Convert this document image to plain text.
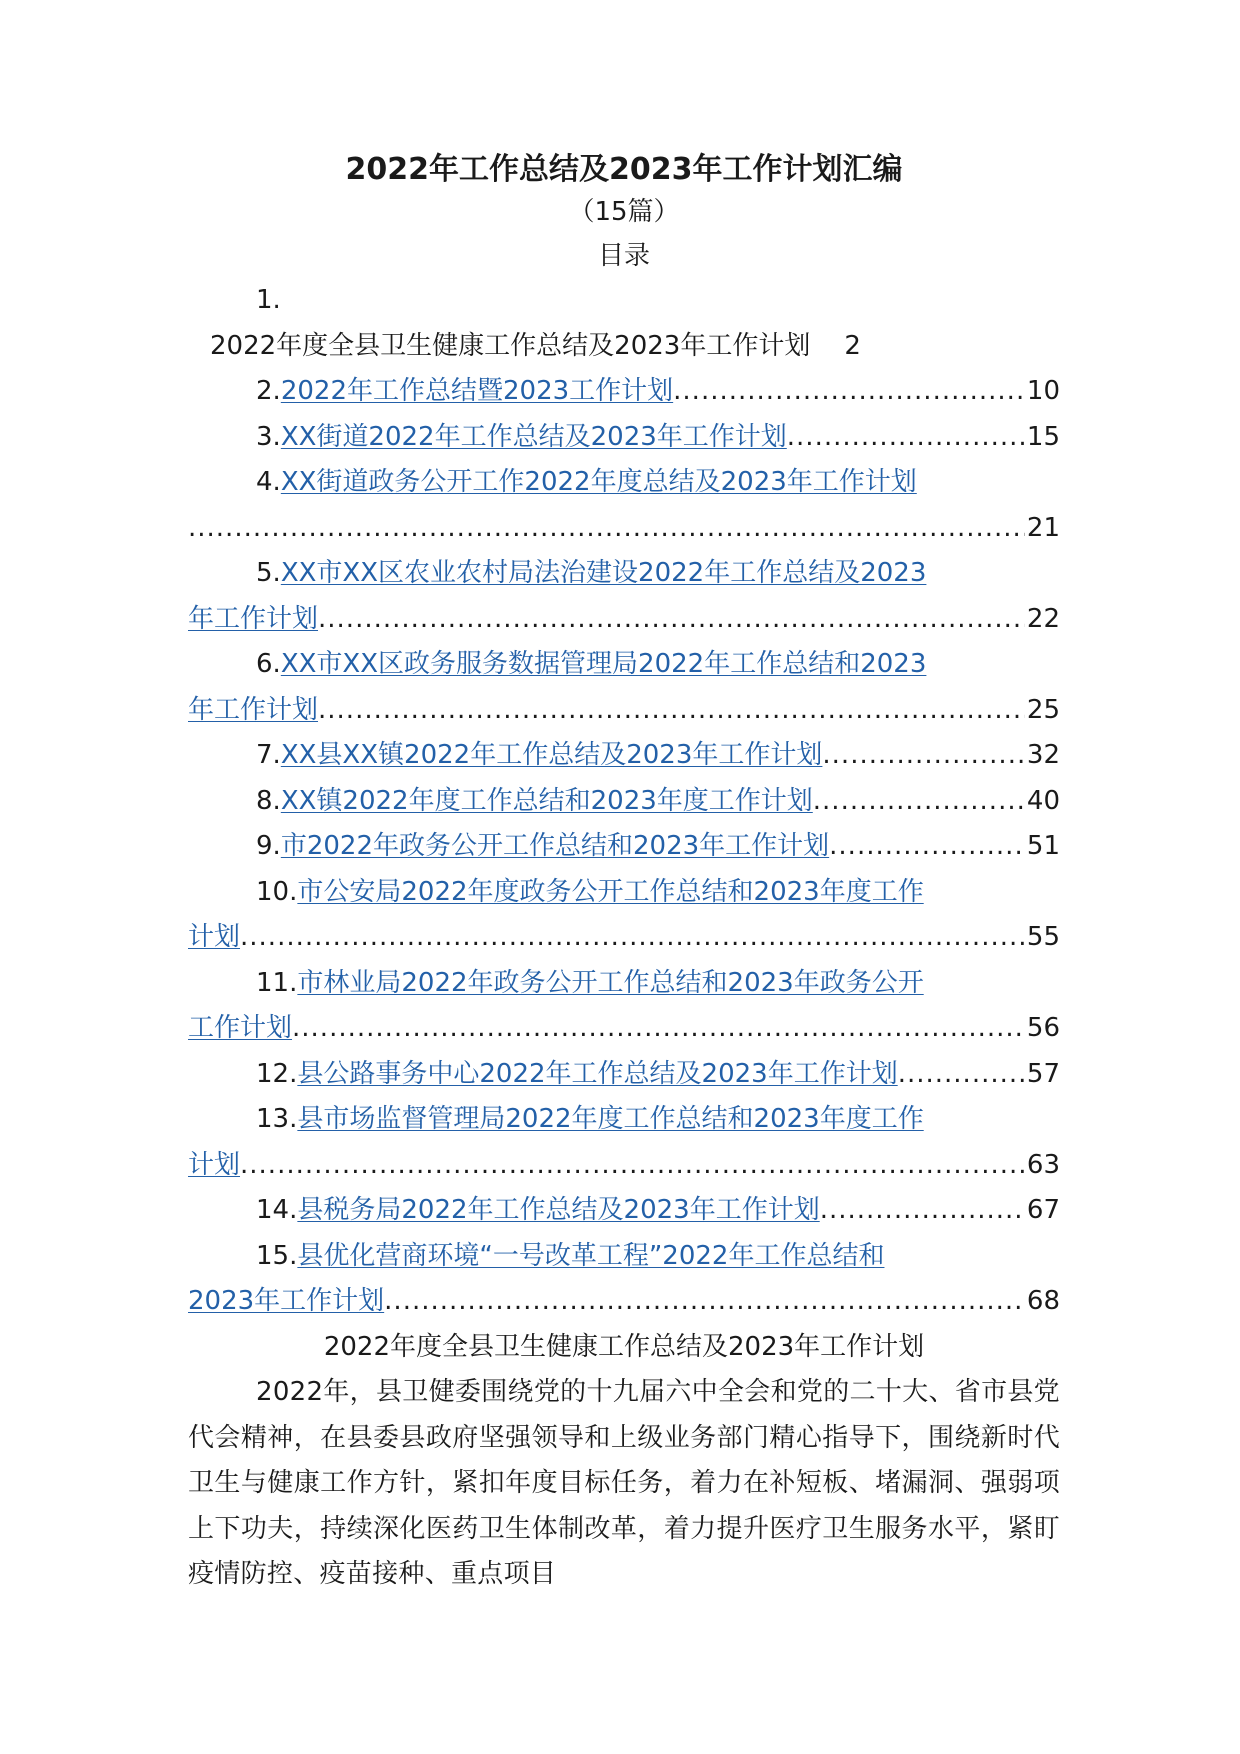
2022年工作总结及2023年工作计划汇编
（15篇）
目录
1.
2022年度全县卫生健康工作总结及2023年工作计划 2
2. 2022年工作总结暨2023工作计划 .....	10
3. XX街道2022年工作总结及2023年工作计划 .....	15
4.XX街道政务公开工作2022年度总结及2023年工作计划
.....
21
5.XX市XX区农业农村局法治建设2022年工作总结及2023
年工作计划 .....	22
6.XX市XX区政务服务数据管理局2022年工作总结和2023
年工作计划 .....	25
7. XX县XX镇2022年工作总结及2023年工作计划 .....	32
8. XX镇2022年度工作总结和2023年度工作计划 .....	40
9. 市2022年政务公开工作总结和2023年工作计划 .....	51
10.市公安局2022年度政务公开工作总结和2023年度工作
计划 .....	55
11.市林业局2022年政务公开工作总结和2023年政务公开
工作计划 .....	56
12. 县公路事务中心2022年工作总结及2023年工作计划 .....	57
13.县市场监督管理局2022年度工作总结和2023年度工作
计划 .....	63
14. 县税务局2022年工作总结及2023年工作计划 .....	67
15.县优化营商环境“一号改革工程”2022年工作总结和
2023年工作计划 .....	68
2022年度全县卫生健康工作总结及2023年工作计划

2022年，县卫健委围绕党的十九届六中全会和党的二十大、省市县党代会精神，在县委县政府坚强领导和上级业务部门精心指导下，围绕新时代卫生与健康工作方针，紧扣年度目标任务，着力在补短板、堵漏洞、强弱项上下功夫，持续深化医药卫生体制改革，着力提升医疗卫生服务水平，紧盯疫情防控、疫苗接种、重点项目
